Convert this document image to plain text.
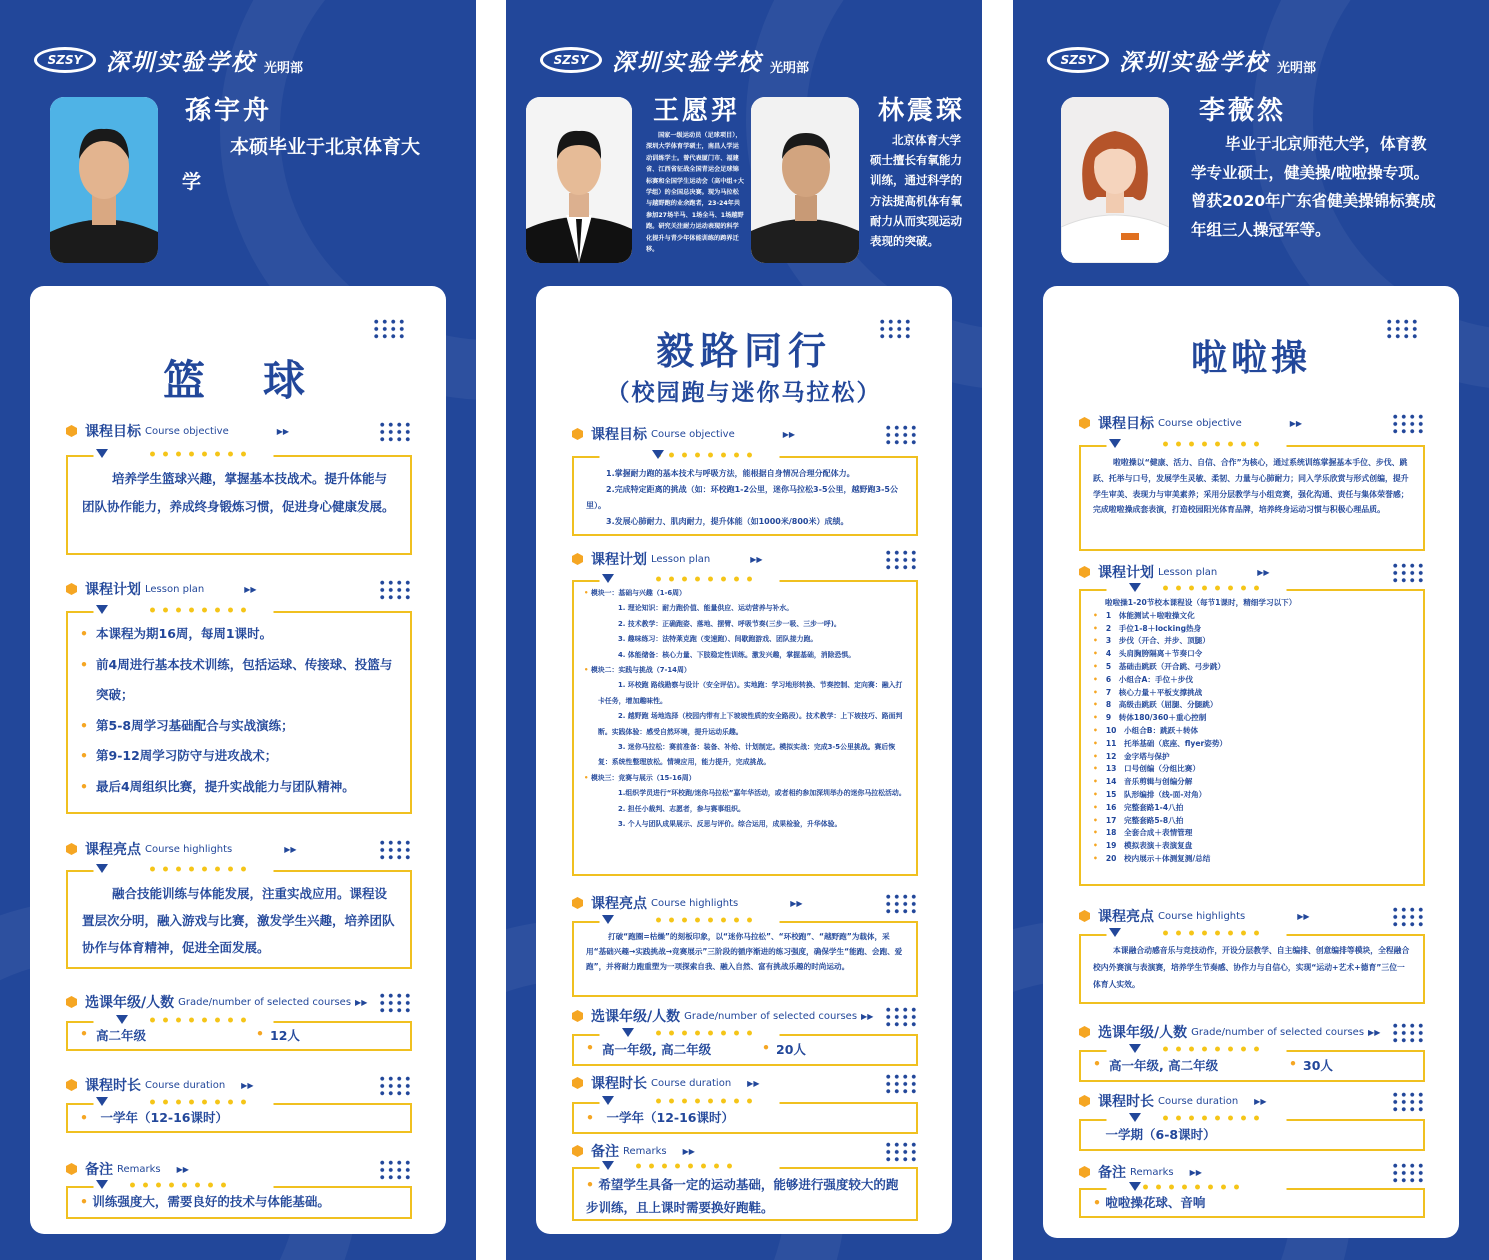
SZSY	深圳实验学校 光明部
孫宇舟
本硕毕业于北京体育大学
篮　球
课程目标 Course objective	▶▶
培养学生篮球兴趣，掌握基本技战术。提升体能与团队协作能力，养成终身锻炼习惯，促进身心健康发展。
课程计划 Lesson plan	▶▶
• 本课程为期16周，每周1课时。
• 前4周进行基本技术训练，包括运球、传接球、投篮与突破；
• 第5-8周学习基础配合与实战演练；
• 第9-12周学习防守与进攻战术；
• 最后4周组织比赛，提升实战能力与团队精神。
课程亮点 Course highlights	▶▶
融合技能训练与体能发展，注重实战应用。课程设置层次分明，融入游戏与比赛，激发学生兴趣，培养团队协作与体育精神，促进全面发展。
选课年级/人数 Grade/number of selected courses ▶▶
• 高二年级	• 12人
课程时长 Course duration ▶▶
•　 一学年（12-16课时）
备注 Remarks ▶▶
• 训练强度大，需要良好的技术与体能基础。
SZSY	深圳实验学校 光明部
王愿羿
国家一级运动员（足球项目），深圳大学体育学硕士，南昌人学运动训练学士。曾代表厦门市、福建省、江西省征战全国青运会足球锦标赛和全国学生运动会（高中组+大学组）的全国总决赛。现为马拉松与越野跑的业余跑者，23-24年共参加27场半马、1场全马、1场越野跑。研究关注耐力运动表现的科学化提升与青少年体能训练的跨界迁移。
林震琛
北京体育大学硕士擅长有氧能力训练，通过科学的方法提高机体有氧耐力从而实现运动表现的突破。
毅路同行
（校园跑与迷你马拉松）
课程目标 Course objective	▶▶
1.掌握耐力跑的基本技术与呼吸方法，能根据自身情况合理分配体力。
2.完成特定距离的挑战（如：环校跑1-2公里，迷你马拉松3-5公里，越野跑3-5公里）。
3.发展心肺耐力、肌肉耐力，提升体能（如1000米/800米）成绩。
课程计划 Lesson plan	▶▶
• 模块一：基础与兴趣（1-6周）
1. 理论知识：耐力跑价值、能量供应、运动营养与补水。
2. 技术教学：正确跑姿、落地、摆臂、呼吸节奏(三步一吸、三步一呼)。
3. 趣味练习：法特莱克跑（变速跑）、间歇跑游戏、团队接力跑。
4. 体能储备：核心力量、下肢稳定性训练。激发兴趣，掌握基础，消除恐惧。
• 模块二：实践与挑战（7-14周）
1. 环校跑 路线勘察与设计（安全评估）。实地跑：学习地形转换、节奏控制、定向赛：融入打卡任务，增加趣味性。
2. 越野跑 场地选择（校园内带有上下坡坡性质的安全路段）。技术教学：上下坡技巧、路面判断。实践体验：感受自然环境，提升运动乐趣。
3. 迷你马拉松：赛前准备：装备、补给、计划制定。模拟实战：完成3-5公里挑战。赛后恢复：系统性整理放松。情境应用，能力提升，完成挑战。
• 模块三：竞赛与展示（15-16周）
1.组织学员进行“环校跑/迷你马拉松”嘉年华活动，或者相约参加深圳举办的迷你马拉松活动。
2. 担任小裁判、志愿者，参与赛事组织。
3. 个人与团队成果展示、反思与评价。综合运用，成果检验，升华体验。
课程亮点 Course highlights	▶▶
打破“跑圈=枯燥”的刻板印象，以“迷你马拉松”、“环校跑”、“越野跑”为载体，采用“基础兴趣→实践挑战→竞赛展示”三阶段的循序渐进的练习强度，确保学生“能跑、会跑、爱跑”，并将耐力跑重塑为一项探索自我、融入自然、富有挑战乐趣的时尚运动。
选课年级/人数 Grade/number of selected courses ▶▶
• 高一年级, 高二年级	• 20人
课程时长 Course duration ▶▶
•　 一学年（12-16课时）
备注 Remarks ▶▶
• 希望学生具备一定的运动基础，能够进行强度较大的跑步训练，且上课时需要换好跑鞋。
SZSY	深圳实验学校 光明部
李薇然
毕业于北京师范大学，体育教学专业硕士，健美操/啦啦操专项。曾获2020年广东省健美操锦标赛成年组三人操冠军等。
啦啦操
课程目标 Course objective	▶▶
啦啦操以“健康、活力、自信、合作”为核心，通过系统训练掌握基本手位、步伐、跳跃、托举与口号，发展学生灵敏、柔韧、力量与心肺耐力；同入学乐欣赏与形式创编，提升学生审美、表现力与审美素养；采用分层教学与小组竞赛，强化沟通、责任与集体荣誉感；完成啦啦操成套表演，打造校园阳光体育品牌，培养终身运动习惯与积极心理品质。
课程计划 Lesson plan	▶▶
啦啦操1-20节校本课程设（每节1课时，精细学习以下）
• 1　体能测试＋啦啦操文化
• 2　手位1-8＋locking热身
• 3　步伐（开合、并步、顶腿）
• 4　头肩胸胯隔离＋节奏口令
• 5　基础击跳跃（开合跳、弓步跳）
• 6　小组合A：手位＋步伐
• 7　核心力量＋平板支撑挑战
• 8　高级击跳跃（屈腿、分腿跳）
• 9　转体180/360＋重心控制
• 10　小组合B：跳跃＋转体
• 11　托举基础（底座、flyer姿势）
• 12　金字塔与保护
• 13　口号创编（分组比赛）
• 14　音乐剪辑与创编分解
• 15　队形编排（线-面-对角）
• 16　完整套路1-4八拍
• 17　完整套路5-8八拍
• 18　全套合成＋表情管理
• 19　模拟表演＋表演复盘
• 20　校内展示＋体测复测/总结
课程亮点 Course highlights	▶▶
本课融合动感音乐与竞技动作，开设分层教学、自主编排、创意编排等模块，全程融合校内外赛演与表演赛，培养学生节奏感、协作力与自信心，实现“运动+艺术+德育”三位一体育人实效。
选课年级/人数 Grade/number of selected courses ▶▶
• 高一年级, 高二年级	• 30人
课程时长 Course duration ▶▶
　一学期（6-8课时）
备注 Remarks ▶▶
• 啦啦操花球、音响
